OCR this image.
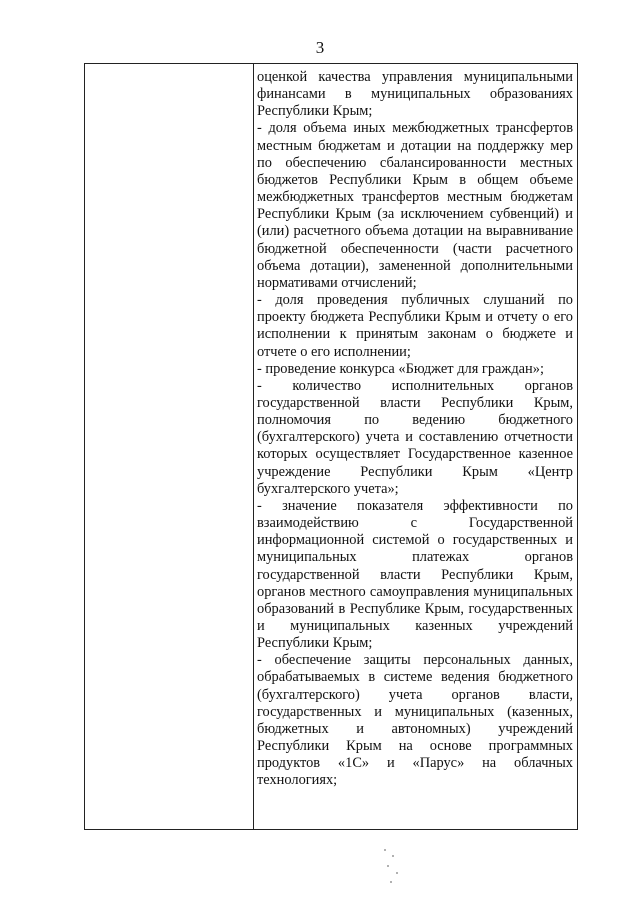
3

оценкой качества управления муниципальными финансами в муниципальных образованиях Республики Крым;

- доля объема иных межбюджетных трансфертов местным бюджетам и дотации на поддержку мер по обеспечению сбалансированности местных бюджетов Республики Крым в общем объеме межбюджетных трансфертов местным бюджетам Республики Крым (за исключением субвенций) и (или) расчетного объема дотации на выравнивание бюджетной обеспеченности (части расчетного объема дотации), замененной дополнительными нормативами отчислений;

- доля проведения публичных слушаний по проекту бюджета Республики Крым и отчету о его исполнении к принятым законам о бюджете и отчете о его исполнении;

- проведение конкурса «Бюджет для граждан»;

- количество исполнительных органов государственной власти Республики Крым, полномочия по ведению бюджетного (бухгалтерского) учета и составлению отчетности которых осуществляет Государственное казенное учреждение Республики Крым «Центр бухгалтерского учета»;

- значение показателя эффективности по взаимодействию с Государственной информационной системой о государственных и муниципальных платежах органов государственной власти Республики Крым, органов местного самоуправления муниципальных образований в Республике Крым, государственных и муниципальных казенных учреждений Республики Крым;

- обеспечение защиты персональных данных, обрабатываемых в системе ведения бюджетного (бухгалтерского) учета органов власти, государственных и муниципальных (казенных, бюджетных и автономных) учреждений Республики Крым на основе программных продуктов «1С» и «Парус» на облачных технологиях;
